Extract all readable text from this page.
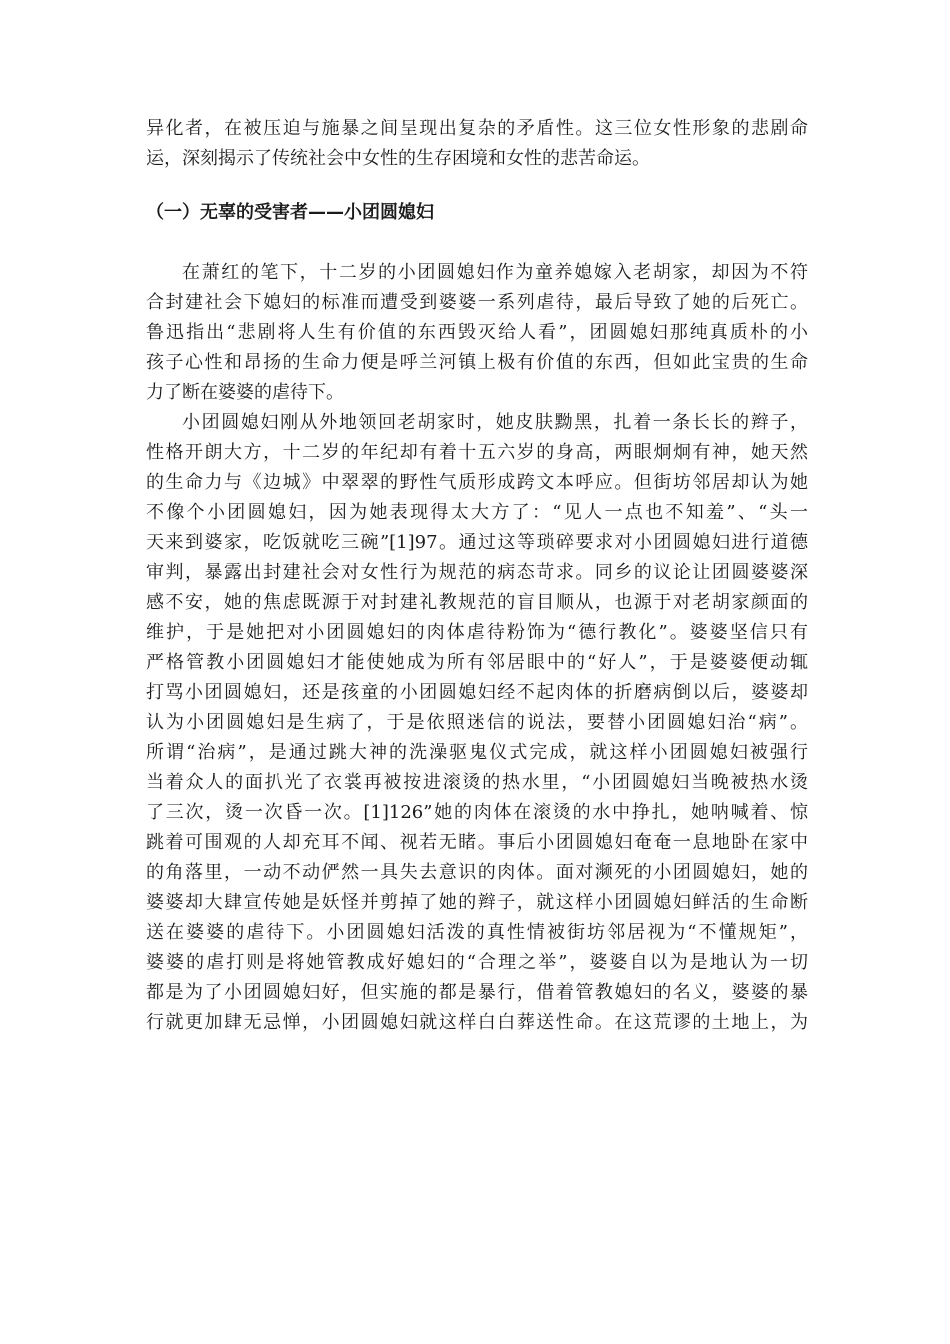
异化者，在被压迫与施暴之间呈现出复杂的矛盾性。这三位女性形象的悲剧命
运，深刻揭示了传统社会中女性的生存困境和女性的悲苦命运。
（一）无辜的受害者——小团圆媳妇
在萧红的笔下，十二岁的小团圆媳妇作为童养媳嫁入老胡家，却因为不符
合封建社会下媳妇的标准而遭受到婆婆一系列虐待，最后导致了她的后死亡。
鲁迅指出“悲剧将人生有价值的东西毁灭给人看”，团圆媳妇那纯真质朴的小
孩子心性和昂扬的生命力便是呼兰河镇上极有价值的东西，但如此宝贵的生命
力了断在婆婆的虐待下。
小团圆媳妇刚从外地领回老胡家时，她皮肤黝黑，扎着一条长长的辫子，
性格开朗大方，十二岁的年纪却有着十五六岁的身高，两眼炯炯有神，她天然
的生命力与《边城》中翠翠的野性气质形成跨文本呼应。但街坊邻居却认为她
不像个小团圆媳妇，因为她表现得太大方了：“见人一点也不知羞”、“头一
天来到婆家，吃饭就吃三碗”[1]97。通过这等琐碎要求对小团圆媳妇进行道德
审判，暴露出封建社会对女性行为规范的病态苛求。同乡的议论让团圆婆婆深
感不安，她的焦虑既源于对封建礼教规范的盲目顺从，也源于对老胡家颜面的
维护，于是她把对小团圆媳妇的肉体虐待粉饰为“德行教化”。婆婆坚信只有
严格管教小团圆媳妇才能使她成为所有邻居眼中的“好人”，于是婆婆便动辄
打骂小团圆媳妇，还是孩童的小团圆媳妇经不起肉体的折磨病倒以后，婆婆却
认为小团圆媳妇是生病了，于是依照迷信的说法，要替小团圆媳妇治“病”。
所谓“治病”，是通过跳大神的洗澡驱鬼仪式完成，就这样小团圆媳妇被强行
当着众人的面扒光了衣裳再被按进滚烫的热水里，“小团圆媳妇当晚被热水烫
了三次，烫一次昏一次。[1]126”她的肉体在滚烫的水中挣扎，她呐喊着、惊
跳着可围观的人却充耳不闻、视若无睹。事后小团圆媳妇奄奄一息地卧在家中
的角落里，一动不动俨然一具失去意识的肉体。面对濒死的小团圆媳妇，她的
婆婆却大肆宣传她是妖怪并剪掉了她的辫子，就这样小团圆媳妇鲜活的生命断
送在婆婆的虐待下。小团圆媳妇活泼的真性情被街坊邻居视为“不懂规矩”，
婆婆的虐打则是将她管教成好媳妇的“合理之举”，婆婆自以为是地认为一切
都是为了小团圆媳妇好，但实施的都是暴行，借着管教媳妇的名义，婆婆的暴
行就更加肆无忌惮，小团圆媳妇就这样白白葬送性命。在这荒谬的土地上，为
